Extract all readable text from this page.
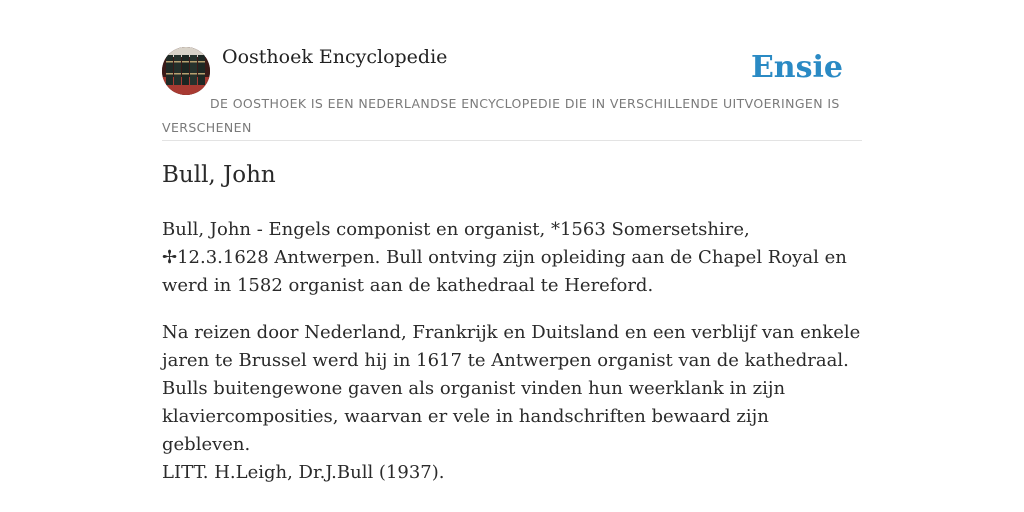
Oosthoek Encyclopedie	Ensie
DE OOSTHOEK IS EEN NEDERLANDSE ENCYCLOPEDIE DIE IN VERSCHILLENDE UITVOERINGEN IS VERSCHENEN
Bull, John

Bull, John - Engels componist en organist, *1563 Somersetshire, ✢12.3.1628 Antwerpen. Bull ontving zijn opleiding aan de Chapel Royal en werd in 1582 organist aan de kathedraal te Hereford.

Na reizen door Nederland, Frankrijk en Duitsland en een verblijf van enkele jaren te Brussel werd hij in 1617 te Antwerpen organist van de kathedraal. Bulls buitengewone gaven als organist vinden hun weerklank in zijn klaviercomposities, waarvan er vele in handschriften bewaard zijn gebleven.

LITT. H.Leigh, Dr.J.Bull (1937).
